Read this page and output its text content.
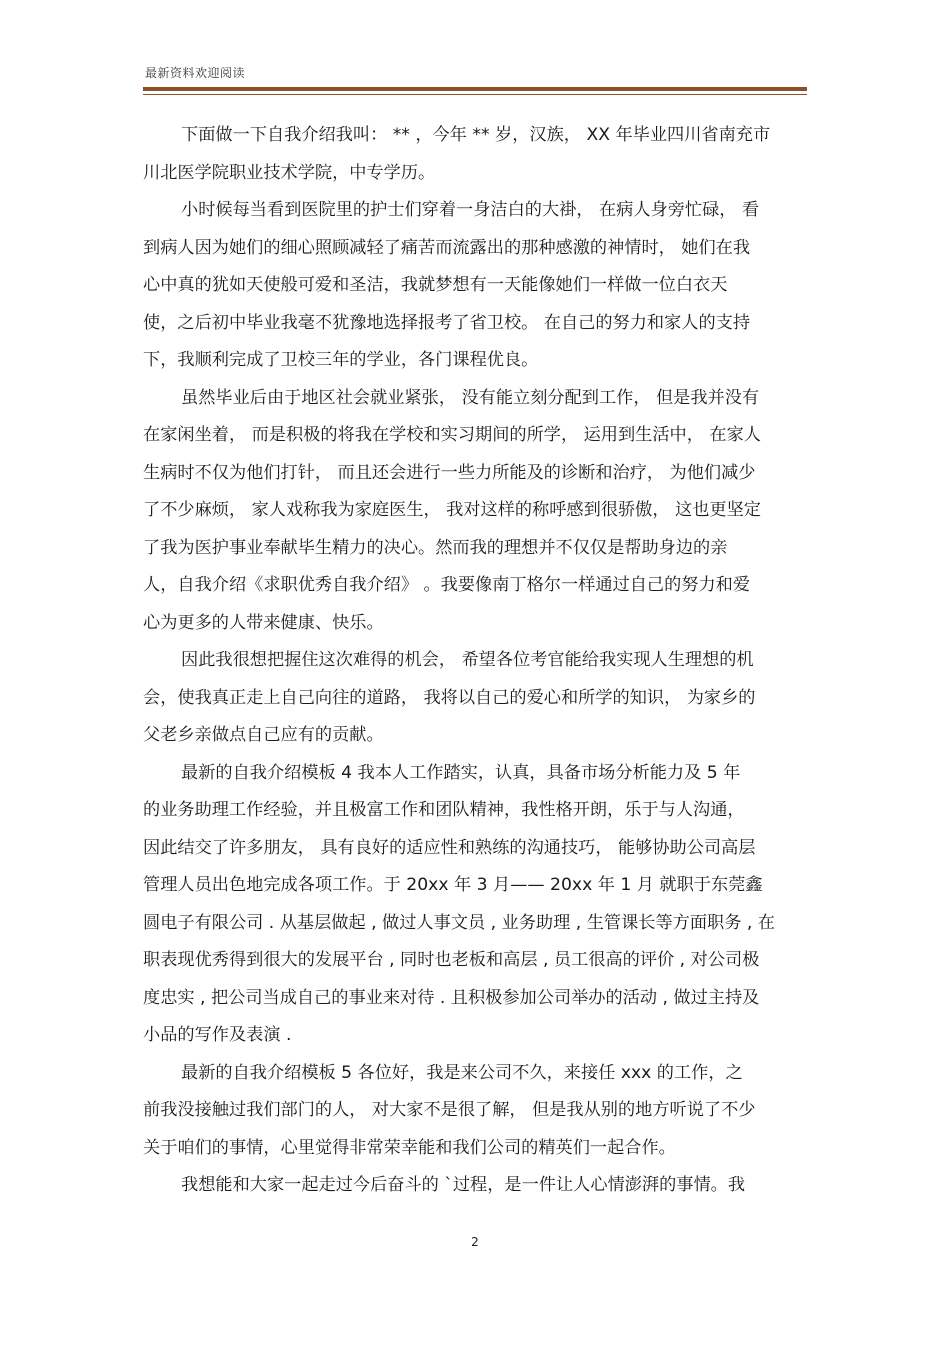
最新资料欢迎阅读
下面做一下自我介绍我叫： ** ，今年 ** 岁，汉族， XX 年毕业四川省南充市
川北医学院职业技术学院，中专学历。
小时候每当看到医院里的护士们穿着一身洁白的大褂， 在病人身旁忙碌， 看
到病人因为她们的细心照顾减轻了痛苦而流露出的那种感激的神情时， 她们在我
心中真的犹如天使般可爱和圣洁，我就梦想有一天能像她们一样做一位白衣天
使，之后初中毕业我毫不犹豫地选择报考了省卫校。 在自己的努力和家人的支持
下，我顺利完成了卫校三年的学业，各门课程优良。
虽然毕业后由于地区社会就业紧张， 没有能立刻分配到工作， 但是我并没有
在家闲坐着， 而是积极的将我在学校和实习期间的所学， 运用到生活中， 在家人
生病时不仅为他们打针， 而且还会进行一些力所能及的诊断和治疗， 为他们减少
了不少麻烦， 家人戏称我为家庭医生， 我对这样的称呼感到很骄傲， 这也更坚定
了我为医护事业奉献毕生精力的决心。然而我的理想并不仅仅是帮助身边的亲
人，自我介绍《求职优秀自我介绍》 。我要像南丁格尔一样通过自己的努力和爱
心为更多的人带来健康、快乐。
因此我很想把握住这次难得的机会， 希望各位考官能给我实现人生理想的机
会，使我真正走上自己向往的道路， 我将以自己的爱心和所学的知识， 为家乡的
父老乡亲做点自己应有的贡献。
最新的自我介绍模板 4 我本人工作踏实，认真，具备市场分析能力及 5 年
的业务助理工作经验，并且极富工作和团队精神，我性格开朗，乐于与人沟通，
因此结交了许多朋友， 具有良好的适应性和熟练的沟通技巧， 能够协助公司高层
管理人员出色地完成各项工作。于 20xx 年 3 月—— 20xx 年 1 月 就职于东莞鑫
圆电子有限公司 . 从基层做起 , 做过人事文员 , 业务助理 , 生管课长等方面职务 , 在
职表现优秀得到很大的发展平台 , 同时也老板和高层 , 员工很高的评价 , 对公司极
度忠实 , 把公司当成自己的事业来对待 . 且积极参加公司举办的活动 , 做过主持及
小品的写作及表演 .
最新的自我介绍模板 5 各位好，我是来公司不久，来接任 xxx 的工作，之
前我没接触过我们部门的人， 对大家不是很了解， 但是我从别的地方听说了不少
关于咱们的事情，心里觉得非常荣幸能和我们公司的精英们一起合作。
我想能和大家一起走过今后奋斗的 `过程，是一件让人心情澎湃的事情。我
2
